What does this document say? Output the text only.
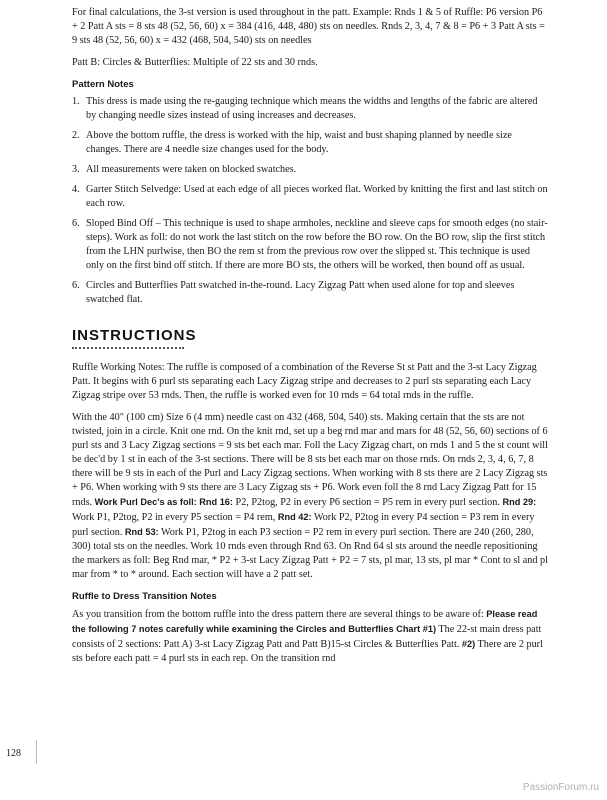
For final calculations, the 3-st version is used throughout in the patt. Example: Rnds 1 & 5 of Ruffle: P6 version P6 + 2 Patt A sts = 8 sts 48 (52, 56, 60) x = 384 (416, 448, 480) sts on needles. Rnds 2, 3, 4, 7 & 8 = P6 + 3 Patt A sts = 9 sts 48 (52, 56, 60) x = 432 (468, 504, 540) sts on needles

Patt B: Circles & Butterflies: Multiple of 22 sts and 30 rnds.

Pattern Notes
1. This dress is made using the re-gauging technique which means the widths and lengths of the fabric are altered by changing needle sizes instead of using increases and decreases.
2. Above the bottom ruffle, the dress is worked with the hip, waist and bust shaping planned by needle size changes. There are 4 needle size changes used for the body.
3. All measurements were taken on blocked swatches.
4. Garter Stitch Selvedge: Used at each edge of all pieces worked flat. Worked by knitting the first and last stitch on each row.
6. Sloped Bind Off – This technique is used to shape armholes, neckline and sleeve caps for smooth edges (no stair-steps). Work as foll: do not work the last stitch on the row before the BO row. On the BO row, slip the first stitch from the LHN purlwise, then BO the rem st from the previous row over the slipped st. This technique is used only on the first bind off stitch. If there are more BO sts, the others will be worked, then bound off as usual.
6. Circles and Butterflies Patt swatched in-the-round. Lacy Zigzag Patt when used alone for top and sleeves swatched flat.
INSTRUCTIONS

Ruffle Working Notes: The ruffle is composed of a combination of the Reverse St st Patt and the 3-st Lacy Zigzag Patt. It begins with 6 purl sts separating each Lacy Zigzag stripe and decreases to 2 purl sts separating each Lacy Zigzag stripe over 53 rnds. Then, the ruffle is worked even for 10 rnds = 64 total rnds in the ruffle.

With the 40" (100 cm) Size 6 (4 mm) needle cast on 432 (468, 504, 540) sts. Making certain that the sts are not twisted, join in a circle. Knit one rnd. On the knit rnd, set up a beg rnd mar and mars for 48 (52, 56, 60) sections of 6 purl sts and 3 Lacy Zigzag sections = 9 sts bet each mar. Foll the Lacy Zigzag chart, on rnds 1 and 5 the st count will be dec'd by 1 st in each of the 3-st sections. There will be 8 sts bet each mar on those rnds. On rnds 2, 3, 4, 6, 7, 8 there will be 9 sts in each of the Purl and Lacy Zigzag sections. When working with 8 sts there are 2 Lacy Zigzag sts + P6. When working with 9 sts there are 3 Lacy Zigzag sts + P6. Work even foll the 8 rnd Lacy Zigzag Patt for 15 rnds. Work Purl Dec's as foll: Rnd 16: P2, P2tog, P2 in every P6 section = P5 rem in every purl section. Rnd 29: Work P1, P2tog, P2 in every P5 section = P4 rem, Rnd 42: Work P2, P2tog in every P4 section = P3 rem in every purl section. Rnd 53: Work P1, P2tog in each P3 section = P2 rem in every purl section. There are 240 (260, 280, 300) total sts on the needles. Work 10 rnds even through Rnd 63. On Rnd 64 sl sts around the needle repositioning the markers as foll: Beg Rnd mar, * P2 + 3-st Lacy Zigzag Patt + P2 = 7 sts, pl mar, 13 sts, pl mar * Cont to sl and pl mar from * to * around. Each section will have a 2 patt set.

Ruffle to Dress Transition Notes

As you transition from the bottom ruffle into the dress pattern there are several things to be aware of: Please read the following 7 notes carefully while examining the Circles and Butterflies Chart #1) The 22-st main dress patt consists of 2 sections: Patt A) 3-st Lacy Zigzag Patt and Patt B)15-st Circles & Butterflies Patt. #2) There are 2 purl sts before each patt = 4 purl sts in each rep. On the transition rnd

128
PassionForum.ru
